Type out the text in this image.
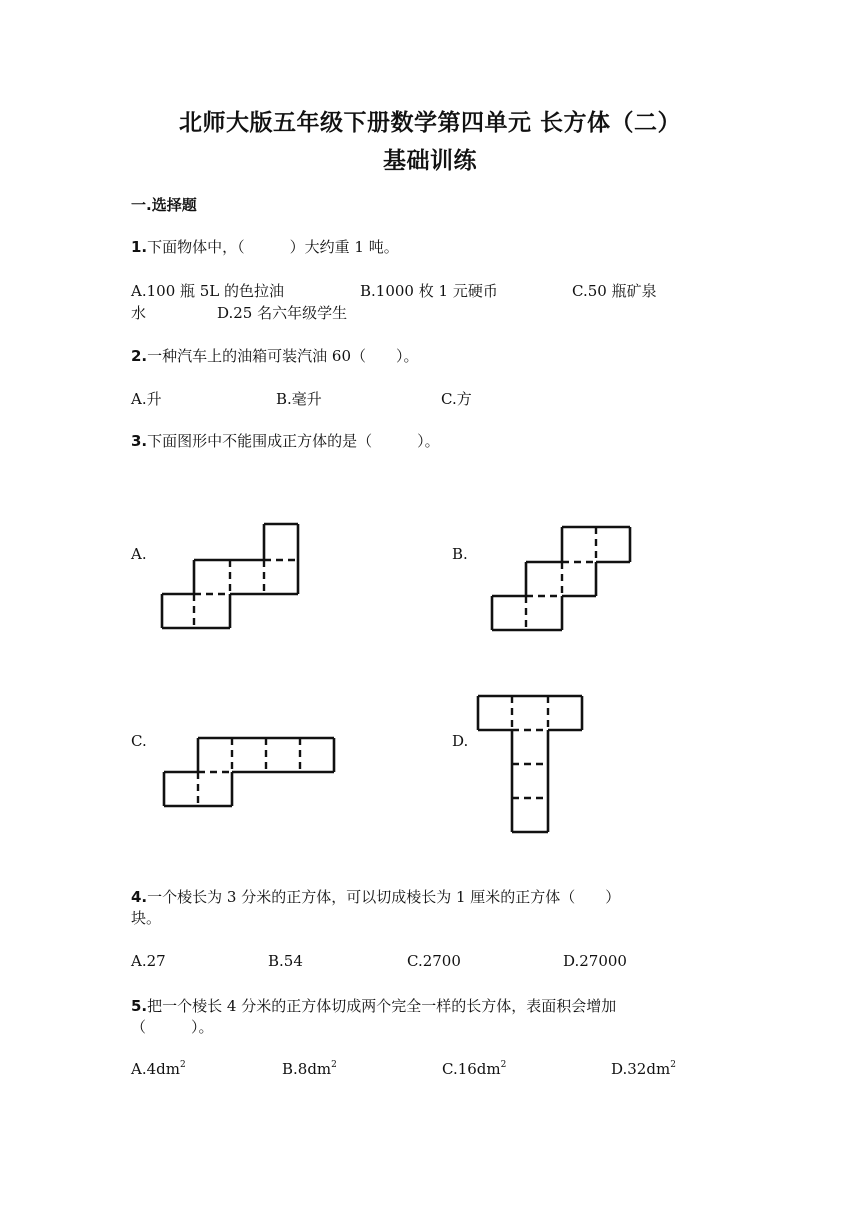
北师大版五年级下册数学第四单元 长方体（二）
基础训练
一.选择题
1.下面物体中，（　　　）大约重 1 吨。
A.100 瓶 5L 的色拉油	B.1000 枚 1 元硬币	C.50 瓶矿泉
水	D.25 名六年级学生
2.一种汽车上的油箱可装汽油 60（　　）。
A.升	B.毫升	C.方
3.下面图形中不能围成正方体的是（　　　）。
A.	B.
C.	D.
4.一个棱长为 3 分米的正方体，可以切成棱长为 1 厘米的正方体（　　）
块。
A.27	B.54	C.2700	D.27000
5.把一个棱长 4 分米的正方体切成两个完全一样的长方体，表面积会增加
（　　　）。
$A.4dm^2$	$B.8dm^2$	$C.16dm^2$	$D.32dm^2$
